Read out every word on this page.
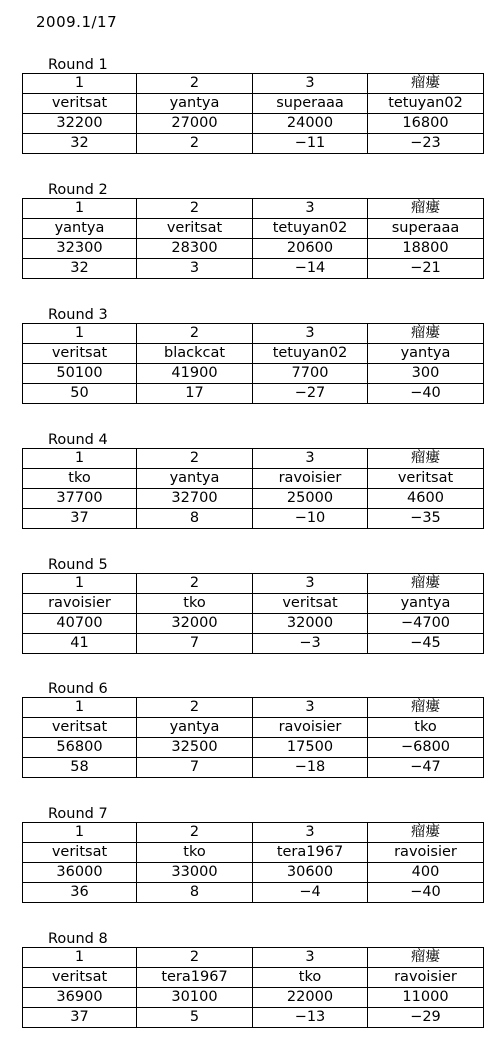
2009.1/17
Round 1
1	2	3	瘤瘻
veritsat	yantya	superaaa	tetuyan02
32200	27000	24000	16800
32	2	−11	−23
Round 2
1	2	3	瘤瘻
yantya	veritsat	tetuyan02	superaaa
32300	28300	20600	18800
32	3	−14	−21
Round 3
1	2	3	瘤瘻
veritsat	blackcat	tetuyan02	yantya
50100	41900	7700	300
50	17	−27	−40
Round 4
1	2	3	瘤瘻
tko	yantya	ravoisier	veritsat
37700	32700	25000	4600
37	8	−10	−35
Round 5
1	2	3	瘤瘻
ravoisier	tko	veritsat	yantya
40700	32000	32000	−4700
41	7	−3	−45
Round 6
1	2	3	瘤瘻
veritsat	yantya	ravoisier	tko
56800	32500	17500	−6800
58	7	−18	−47
Round 7
1	2	3	瘤瘻
veritsat	tko	tera1967	ravoisier
36000	33000	30600	400
36	8	−4	−40
Round 8
1	2	3	瘤瘻
veritsat	tera1967	tko	ravoisier
36900	30100	22000	11000
37	5	−13	−29
